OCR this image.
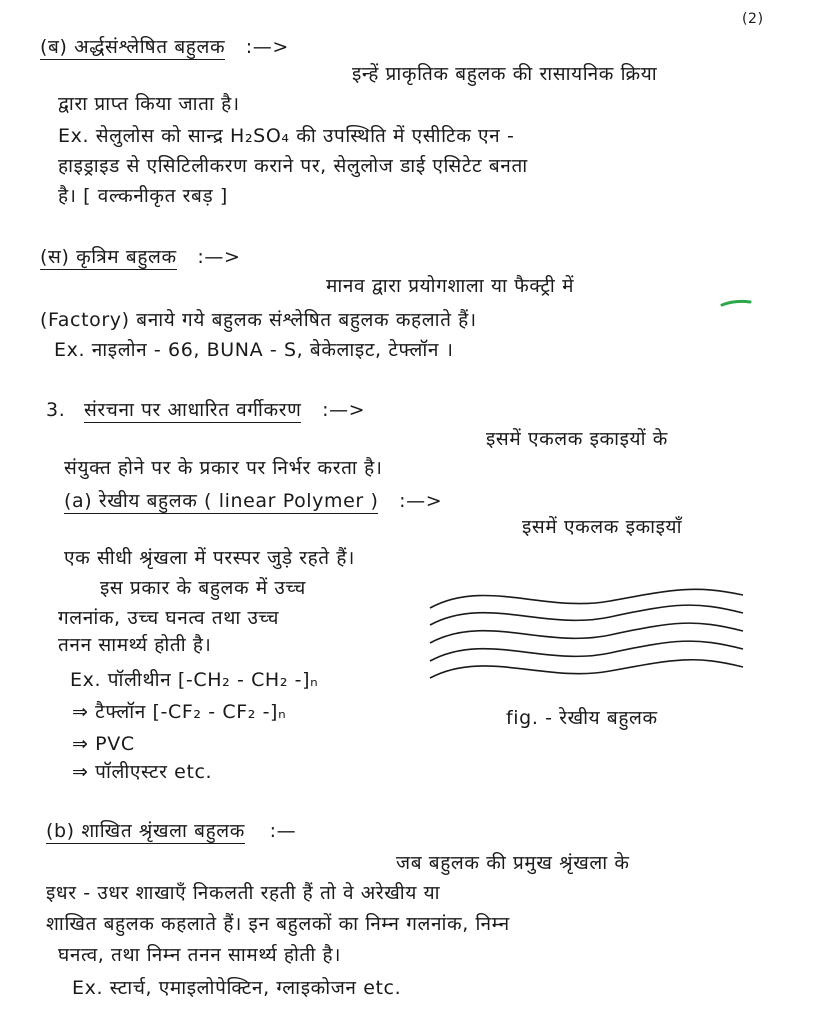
(2)
(ब) अर्द्धसंश्लेषित बहुलक :—>
इन्हें प्राकृतिक बहुलक की रासायनिक क्रिया
द्वारा प्राप्त किया जाता है।
Ex. सेलुलोस को सान्द्र H₂SO₄ की उपस्थिति में एसीटिक एन -
हाइड्राइड से एसिटिलीकरण कराने पर, सेलुलोज डाई एसिटेट बनता
है। [ वल्कनीकृत रबड़ ]
(स) कृत्रिम बहुलक :—>
मानव द्वारा प्रयोगशाला या फैक्ट्री में
(Factory) बनाये गये बहुलक संश्लेषित बहुलक कहलाते हैं।
Ex. नाइलोन - 66, BUNA - S, बेकेलाइट, टेफ्लॉन ।
3. संरचना पर आधारित वर्गीकरण :—>
इसमें एकलक इकाइयों के
संयुक्त होने पर के प्रकार पर निर्भर करता है।
(a) रेखीय बहुलक ( linear Polymer ) :—>
इसमें एकलक इकाइयाँ
एक सीधी श्रृंखला में परस्पर जुड़े रहते हैं।
इस प्रकार के बहुलक में उच्च
गलनांक, उच्च घनत्व तथा उच्च
तनन सामर्थ्य होती है।
Ex. पॉलीथीन [-CH₂ - CH₂ -]ₙ
⇒ टैफ्लॉन [-CF₂ - CF₂ -]ₙ
⇒ PVC
⇒ पॉलीएस्टर etc.
fig. - रेखीय बहुलक
(b) शाखित श्रृंखला बहुलक :—
जब बहुलक की प्रमुख श्रृंखला के
इधर - उधर शाखाएँ निकलती रहती हैं तो वे अरेखीय या
शाखित बहुलक कहलाते हैं। इन बहुलकों का निम्न गलनांक, निम्न
घनत्व, तथा निम्न तनन सामर्थ्य होती है।
Ex. स्टार्च, एमाइलोपेक्टिन, ग्लाइकोजन etc.
